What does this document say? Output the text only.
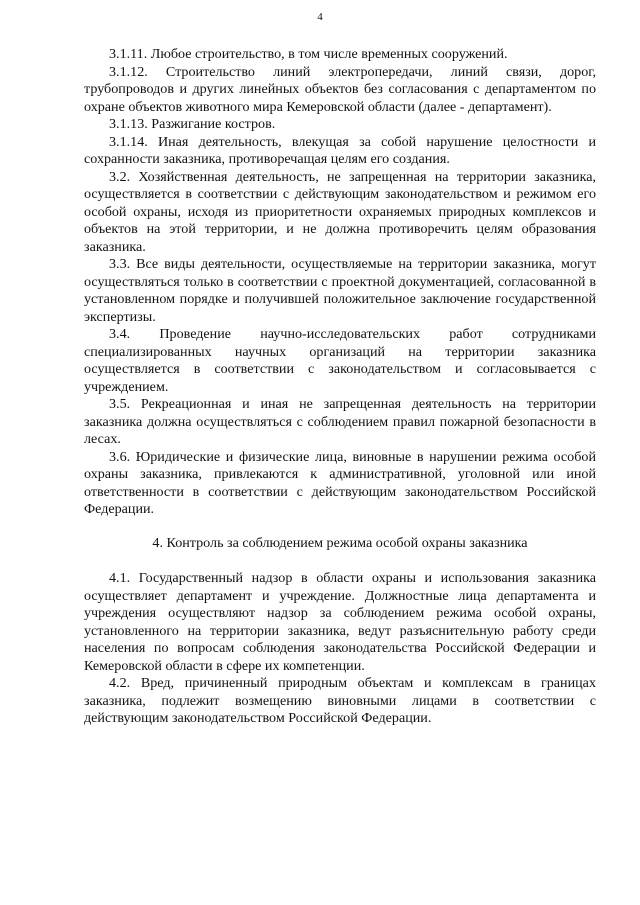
4

3.1.11. Любое строительство, в том числе временных сооружений.

3.1.12. Строительство линий электропередачи, линий связи, дорог, трубопроводов и других линейных объектов без согласования с департаментом по охране объектов животного мира Кемеровской области (далее - департамент).

3.1.13. Разжигание костров.

3.1.14. Иная деятельность, влекущая за собой нарушение целостности и сохранности заказника, противоречащая целям его создания.

3.2. Хозяйственная деятельность, не запрещенная на территории заказника, осуществляется в соответствии с действующим законодательством и режимом его особой охраны, исходя из приоритетности охраняемых природных комплексов и объектов на этой территории, и не должна противоречить целям образования заказника.

3.3. Все виды деятельности, осуществляемые на территории заказника, могут осуществляться только в соответствии с проектной документацией, согласованной в установленном порядке и получившей положительное заключение государственной экспертизы.

3.4. Проведение научно-исследовательских работ сотрудниками специализированных научных организаций на территории заказника осуществляется в соответствии с законодательством и согласовывается с учреждением.

3.5. Рекреационная и иная не запрещенная деятельность на территории заказника должна осуществляться с соблюдением правил пожарной безопасности в лесах.

3.6. Юридические и физические лица, виновные в нарушении режима особой охраны заказника, привлекаются к административной, уголовной или иной ответственности в соответствии с действующим законодательством Российской Федерации.

4. Контроль за соблюдением режима особой охраны заказника

4.1. Государственный надзор в области охраны и использования заказника осуществляет департамент и учреждение. Должностные лица департамента и учреждения осуществляют надзор за соблюдением режима особой охраны, установленного на территории заказника, ведут разъяснительную работу среди населения по вопросам соблюдения законодательства Российской Федерации и Кемеровской области в сфере их компетенции.

4.2. Вред, причиненный природным объектам и комплексам в границах заказника, подлежит возмещению виновными лицами в соответствии с действующим законодательством Российской Федерации.
